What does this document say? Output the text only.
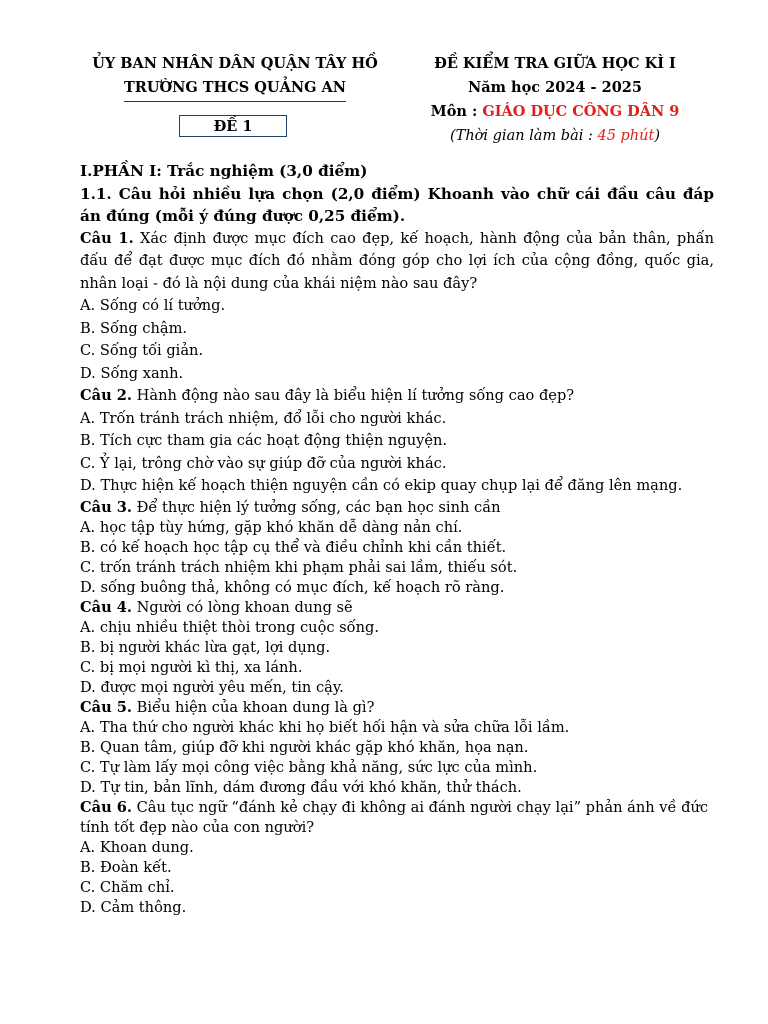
ỦY BAN NHÂN DÂN QUẬN TÂY HỒ
TRƯỜNG THCS QUẢNG AN
ĐỀ KIỂM TRA GIỮA HỌC KÌ I
Năm học 2024 - 2025
Môn : GIÁO DỤC CÔNG DÂN 9
(Thời gian làm bài : 45 phút)
ĐỀ 1
I.PHẦN I: Trắc nghiệm (3,0 điểm)
1.1. Câu hỏi nhiều lựa chọn (2,0 điểm) Khoanh vào chữ cái đầu câu đáp án đúng (mỗi ý đúng được 0,25 điểm).
Câu 1. Xác định được mục đích cao đẹp, kế hoạch, hành động của bản thân, phấn đấu để đạt được mục đích đó nhằm đóng góp cho lợi ích của cộng đồng, quốc gia, nhân loại - đó là nội dung của khái niệm nào sau đây?
A. Sống có lí tưởng.
B. Sống chậm.
C. Sống tối giản.
D. Sống xanh.
Câu 2. Hành động nào sau đây là biểu hiện lí tưởng sống cao đẹp?
A. Trốn tránh trách nhiệm, đổ lỗi cho người khác.
B. Tích cực tham gia các hoạt động thiện nguyện.
C. Ỷ lại, trông chờ vào sự giúp đỡ của người khác.
D. Thực hiện kế hoạch thiện nguyện cần có ekip quay chụp lại để đăng lên mạng.
Câu 3. Để thực hiện lý tưởng sống, các bạn học sinh cần
A. học tập tùy hứng, gặp khó khăn dễ dàng nản chí.
B. có kế hoạch học tập cụ thể và điều chỉnh khi cần thiết.
C. trốn tránh trách nhiệm khi phạm phải sai lầm, thiếu sót.
D. sống buông thả, không có mục đích, kế hoạch rõ ràng.
Câu 4. Người có lòng khoan dung sẽ
A. chịu nhiều thiệt thòi trong cuộc sống.
B. bị người khác lừa gạt, lợi dụng.
C. bị mọi người kì thị, xa lánh.
D. được mọi người yêu mến, tin cậy.
Câu 5. Biểu hiện của khoan dung là gì?
A. Tha thứ cho người khác khi họ biết hối hận và sửa chữa lỗi lầm.
B. Quan tâm, giúp đỡ khi người khác gặp khó khăn, họa nạn.
C. Tự làm lấy mọi công việc bằng khả năng, sức lực của mình.
D. Tự tin, bản lĩnh, dám đương đầu với khó khăn, thử thách.
Câu 6. Câu tục ngữ “đánh kẻ chạy đi không ai đánh người chạy lại” phản ánh về đức tính tốt đẹp nào của con người?
A. Khoan dung.
B. Đoàn kết.
C. Chăm chỉ.
D. Cảm thông.
